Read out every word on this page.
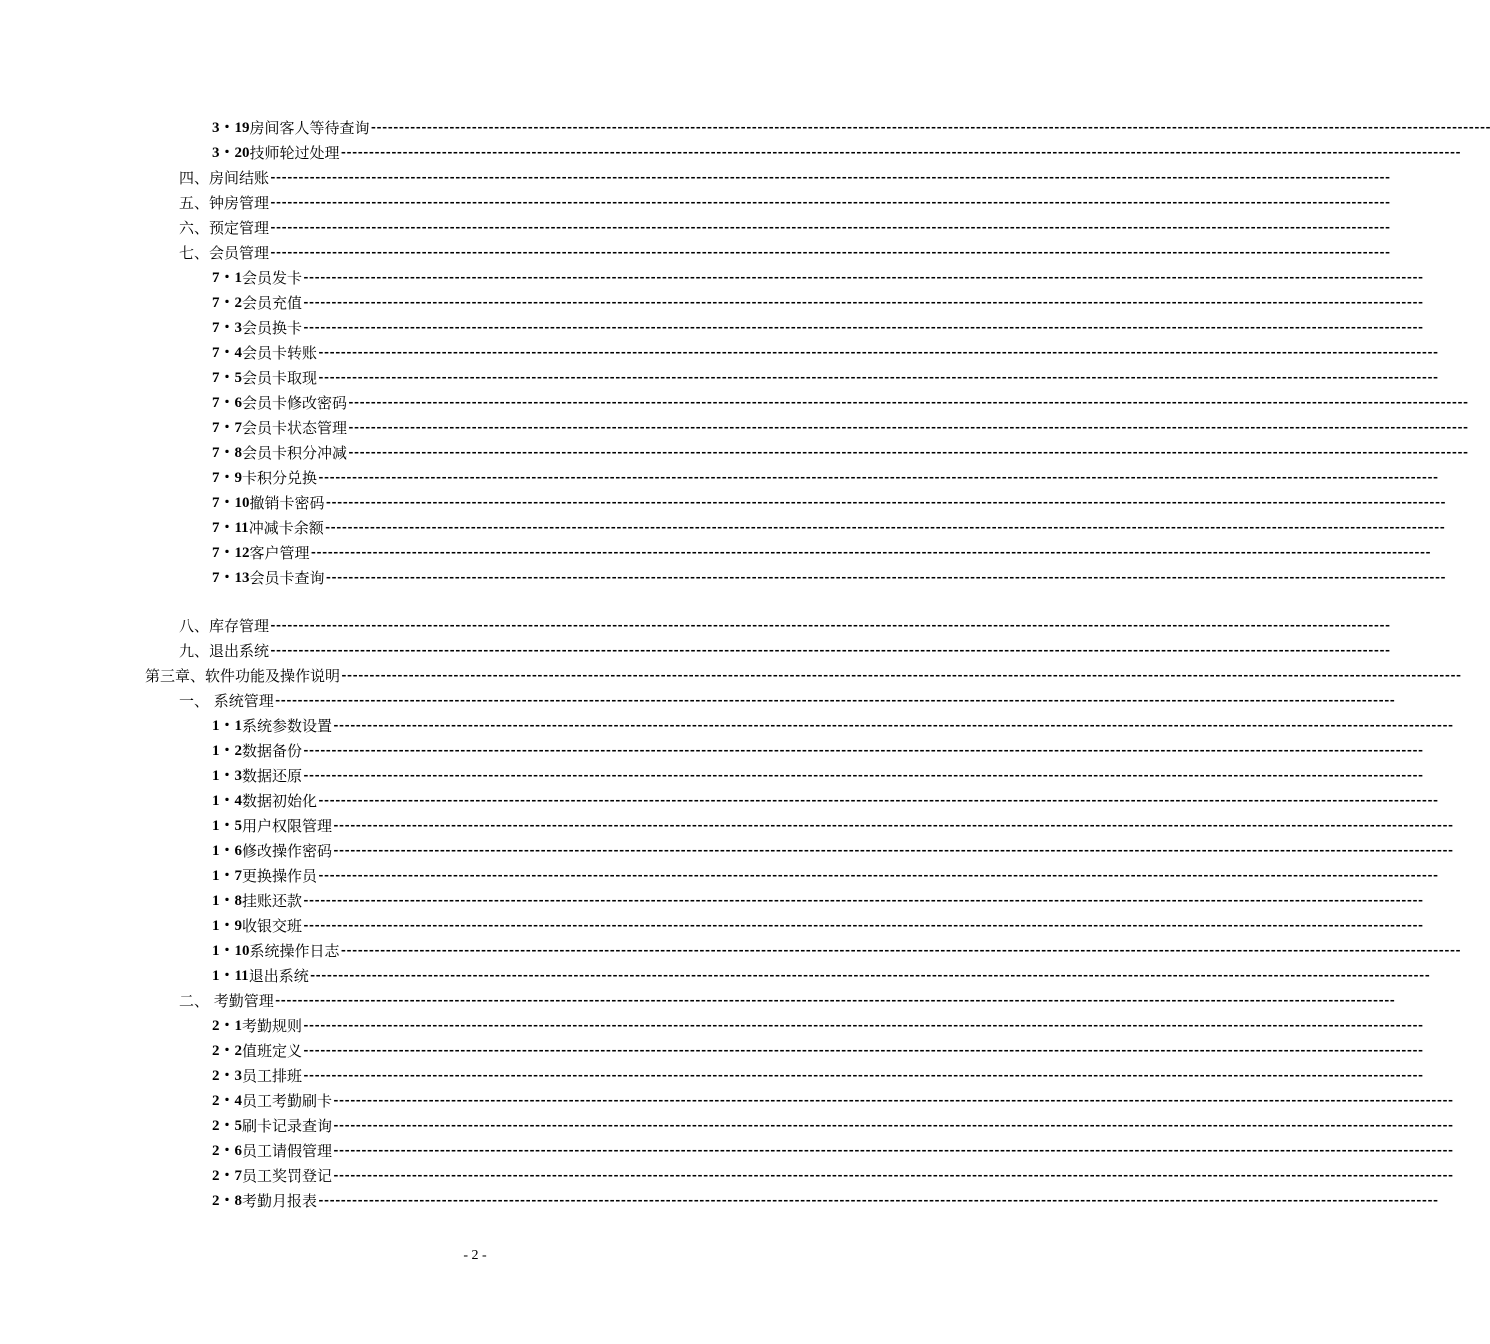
3・19 房间客人等待查询 --------------------------------------------------------------------------------------------------------------------------------------------------------------------------------------------------------
3・20 技师轮过处理 --------------------------------------------------------------------------------------------------------------------------------------------------------------------------------------------------------
四、房间结账 --------------------------------------------------------------------------------------------------------------------------------------------------------------------------------------------------------
五、钟房管理 --------------------------------------------------------------------------------------------------------------------------------------------------------------------------------------------------------
六、预定管理 --------------------------------------------------------------------------------------------------------------------------------------------------------------------------------------------------------
七、会员管理 --------------------------------------------------------------------------------------------------------------------------------------------------------------------------------------------------------
7・1 会员发卡 --------------------------------------------------------------------------------------------------------------------------------------------------------------------------------------------------------
7・2 会员充值 --------------------------------------------------------------------------------------------------------------------------------------------------------------------------------------------------------
7・3 会员换卡 --------------------------------------------------------------------------------------------------------------------------------------------------------------------------------------------------------
7・4 会员卡转账 --------------------------------------------------------------------------------------------------------------------------------------------------------------------------------------------------------
7・5 会员卡取现 --------------------------------------------------------------------------------------------------------------------------------------------------------------------------------------------------------
7・6 会员卡修改密码 --------------------------------------------------------------------------------------------------------------------------------------------------------------------------------------------------------
7・7 会员卡状态管理 --------------------------------------------------------------------------------------------------------------------------------------------------------------------------------------------------------
7・8 会员卡积分冲减 --------------------------------------------------------------------------------------------------------------------------------------------------------------------------------------------------------
7・9 卡积分兑换 --------------------------------------------------------------------------------------------------------------------------------------------------------------------------------------------------------
7・10 撤销卡密码 --------------------------------------------------------------------------------------------------------------------------------------------------------------------------------------------------------
7・11 冲减卡余额 --------------------------------------------------------------------------------------------------------------------------------------------------------------------------------------------------------
7・12 客户管理 --------------------------------------------------------------------------------------------------------------------------------------------------------------------------------------------------------
7・13 会员卡查询 --------------------------------------------------------------------------------------------------------------------------------------------------------------------------------------------------------
八、库存管理 --------------------------------------------------------------------------------------------------------------------------------------------------------------------------------------------------------
九、退出系统 --------------------------------------------------------------------------------------------------------------------------------------------------------------------------------------------------------
第三章、软件功能及操作说明 --------------------------------------------------------------------------------------------------------------------------------------------------------------------------------------------------------
一、 系统管理 --------------------------------------------------------------------------------------------------------------------------------------------------------------------------------------------------------
1・1 系统参数设置 --------------------------------------------------------------------------------------------------------------------------------------------------------------------------------------------------------
1・2 数据备份 --------------------------------------------------------------------------------------------------------------------------------------------------------------------------------------------------------
1・3 数据还原 --------------------------------------------------------------------------------------------------------------------------------------------------------------------------------------------------------
1・4 数据初始化 --------------------------------------------------------------------------------------------------------------------------------------------------------------------------------------------------------
1・5 用户权限管理 --------------------------------------------------------------------------------------------------------------------------------------------------------------------------------------------------------
1・6 修改操作密码 --------------------------------------------------------------------------------------------------------------------------------------------------------------------------------------------------------
1・7 更换操作员 --------------------------------------------------------------------------------------------------------------------------------------------------------------------------------------------------------
1・8 挂账还款 --------------------------------------------------------------------------------------------------------------------------------------------------------------------------------------------------------
1・9 收银交班 --------------------------------------------------------------------------------------------------------------------------------------------------------------------------------------------------------
1・10 系统操作日志 --------------------------------------------------------------------------------------------------------------------------------------------------------------------------------------------------------
1・11 退出系统 --------------------------------------------------------------------------------------------------------------------------------------------------------------------------------------------------------
二、 考勤管理 --------------------------------------------------------------------------------------------------------------------------------------------------------------------------------------------------------
2・1 考勤规则 --------------------------------------------------------------------------------------------------------------------------------------------------------------------------------------------------------
2・2 值班定义 --------------------------------------------------------------------------------------------------------------------------------------------------------------------------------------------------------
2・3 员工排班 --------------------------------------------------------------------------------------------------------------------------------------------------------------------------------------------------------
2・4 员工考勤刷卡 --------------------------------------------------------------------------------------------------------------------------------------------------------------------------------------------------------
2・5 刷卡记录查询 --------------------------------------------------------------------------------------------------------------------------------------------------------------------------------------------------------
2・6 员工请假管理 --------------------------------------------------------------------------------------------------------------------------------------------------------------------------------------------------------
2・7 员工奖罚登记 --------------------------------------------------------------------------------------------------------------------------------------------------------------------------------------------------------
2・8 考勤月报表 --------------------------------------------------------------------------------------------------------------------------------------------------------------------------------------------------------
- 2 -
